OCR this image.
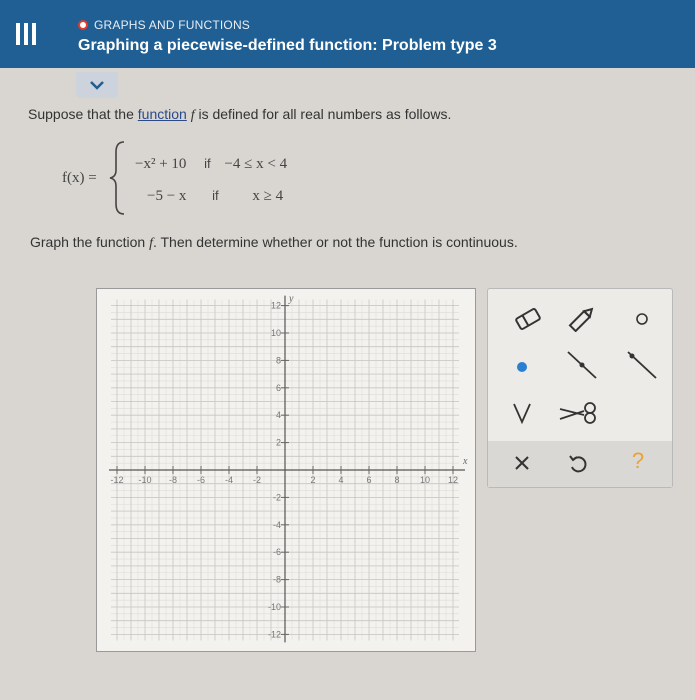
GRAPHS AND FUNCTIONS
Graphing a piecewise-defined function: Problem type 3
Suppose that the function f is defined for all real numbers as follows.
f(x) =
−x² + 10 if −4 ≤ x < 4
−5 − x if x ≥ 4
Graph the function f. Then determine whether or not the function is continuous.
x
y
-12 -10 -8 -6 -4 -2	2	4	6	8 10 12
12
10
8
6
4
2
-2
-4
-6
-8
-10
-12
?
